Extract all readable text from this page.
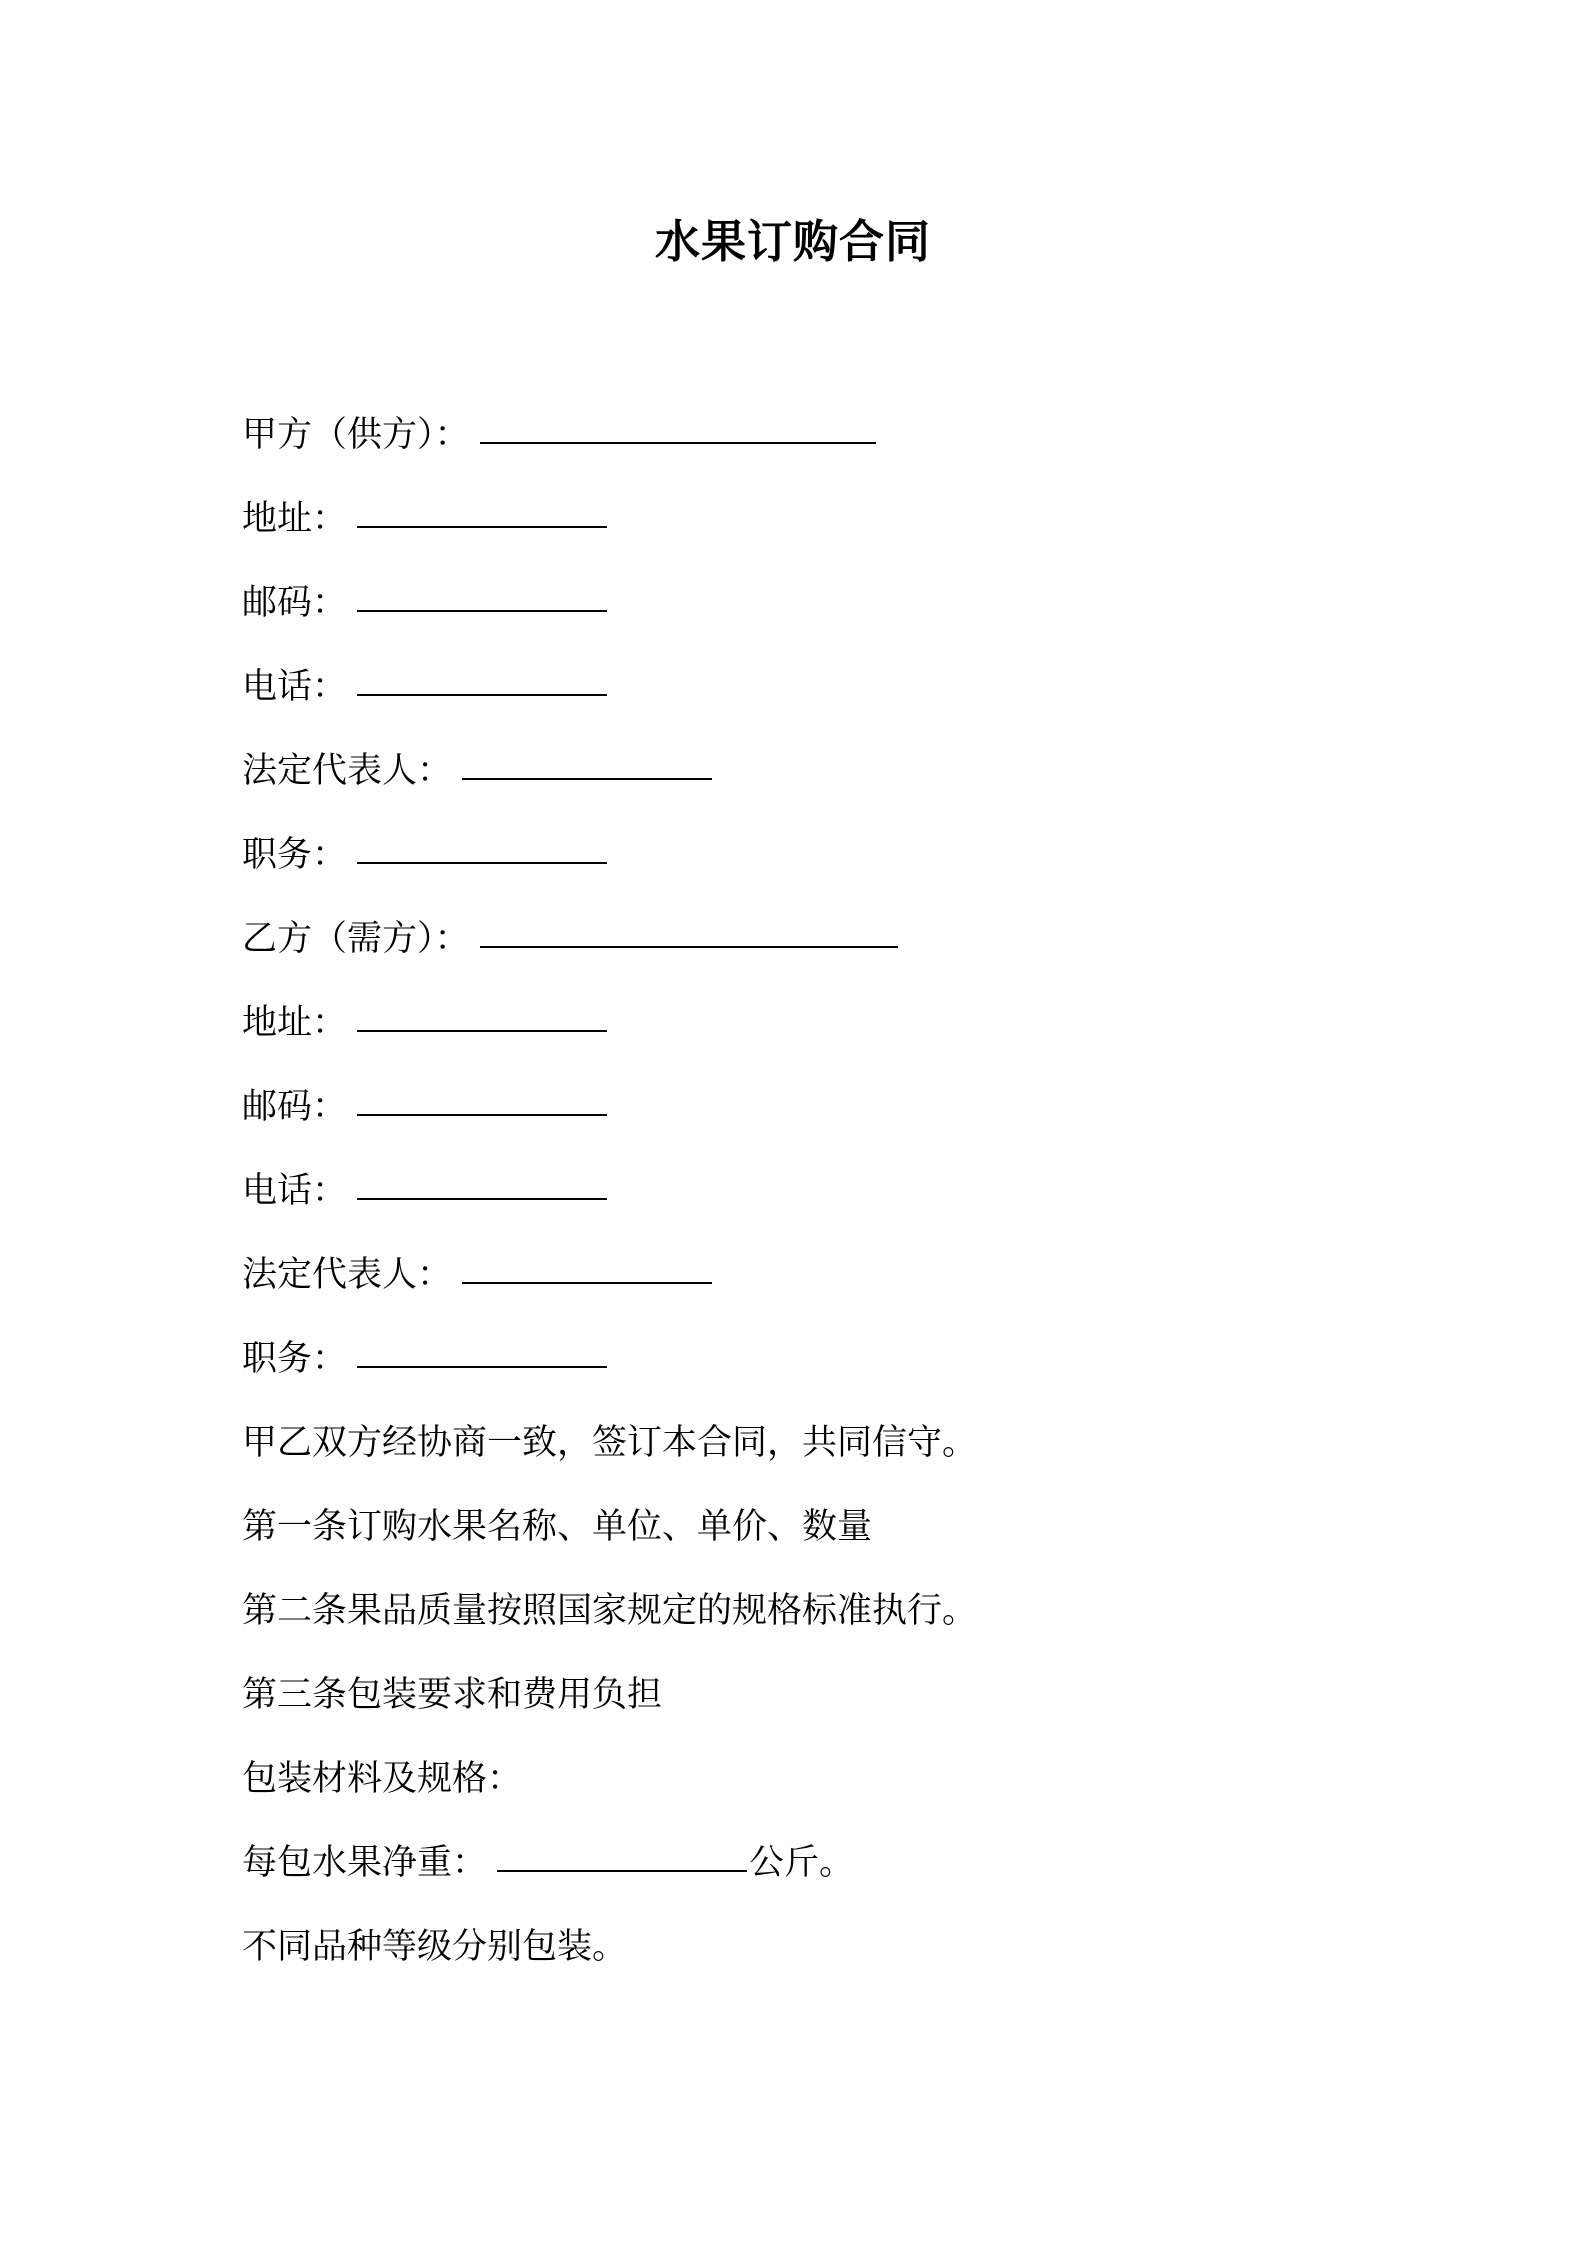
水果订购合同
甲方（供方）：
地址：
邮码：
电话：
法定代表人：
职务：
乙方（需方）：
地址：
邮码：
电话：
法定代表人：
职务：
甲乙双方经协商一致，签订本合同，共同信守。
第一条订购水果名称、单位、单价、数量
第二条果品质量按照国家规定的规格标准执行。
第三条包装要求和费用负担
包装材料及规格：
每包水果净重：	公斤。
不同品种等级分别包装。
